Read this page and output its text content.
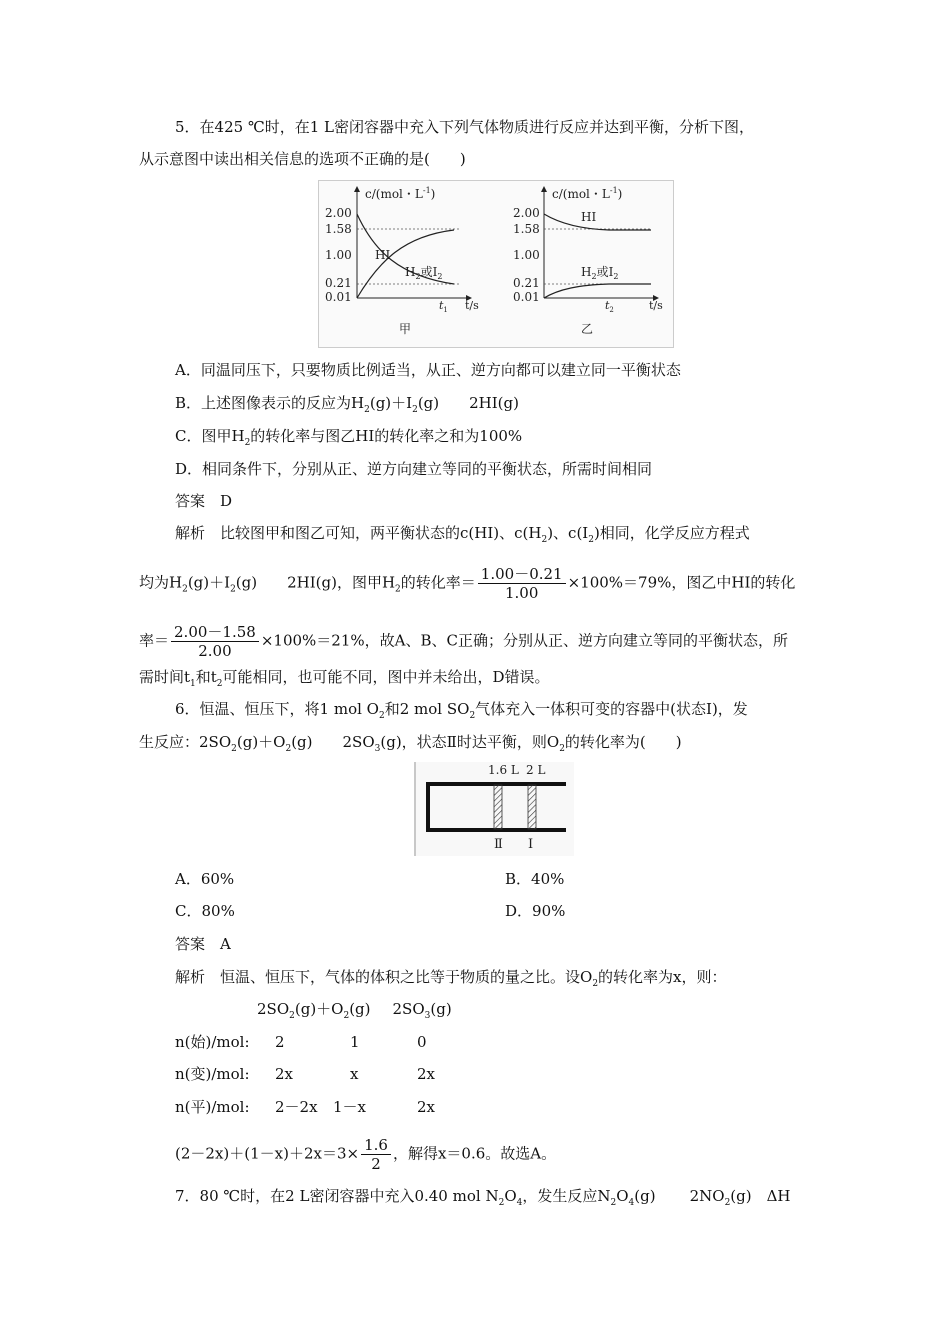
5．在425 ℃时，在1 L密闭容器中充入下列气体物质进行反应并达到平衡，分析下图，
从示意图中读出相关信息的选项不正确的是(　　)
c/(mol・$L^{-1}$)
2.00
1.58
1.00
0.21
0.01
HI
$H_2$或$I_2$
$t_1$ t/s
甲
c/(mol・$L^{-1}$)
2.00
1.58
1.00
0.21
0.01
HI
$H_2$或$I_2$
$t_2$	t/s
乙
A．同温同压下，只要物质比例适当，从正、逆方向都可以建立同一平衡状态
B．上述图像表示的反应为$H_2(g)+I_2(g)$ 2HI(g)
C．图甲$H_2$的转化率与图乙HI的转化率之和为100%
D．相同条件下，分别从正、逆方向建立等同的平衡状态，所需时间相同
答案　D
解析　比较图甲和图乙可知，两平衡状态的c(HI)、$c(H_2)$、$c(I_2)$相同，化学反应方程式
均为$H_2(g)+I_2(g)$ 2HI(g)，图甲$H_2$的转化率＝ $\frac{1.00-0.21}{1.00} \times 100\%=79\%$，图乙中HI的转化
率＝ $\frac{2.00-1.58}{2.00} \times 100\%=21\%$，故A、B、C正确；分别从正、逆方向建立等同的平衡状态，所
需时间$t_1$和$t_2$可能相同，也可能不同，图中并未给出，D错误。
6．恒温、恒压下，将1 mol $O_2$和2 mol $SO_2$气体充入一体积可变的容器中(状态Ⅰ)，发
生反应：$2SO_2(g)+O_2(g)$ $2SO_3(g)$，状态Ⅱ时达平衡，则$O_2$的转化率为(　　)
1.6 L 2 L
Ⅱ Ⅰ
A．60%	B．40%
C．80%	D．90%
答案　A
解析　恒温、恒压下，气体的体积之比等于物质的量之比。设$O_2$的转化率为x，则：
$2SO_2(g)+O_2(g)$ $2SO_3(g)$
n(始)/mol: 2	1	0
n(变)/mol: 2x	x	2x
n(平)/mol: 2－2x 1－x	2x
$(2-2x)+(1-x)+2x=3\times \frac{1.6}{2}$ ，解得x＝0.6。故选A。
7．80 ℃时，在2 L密闭容器中充入0.40 mol $N_2O_4$，发生反应$N_2O_4(g)$ $2NO_2(g)$　ΔH
